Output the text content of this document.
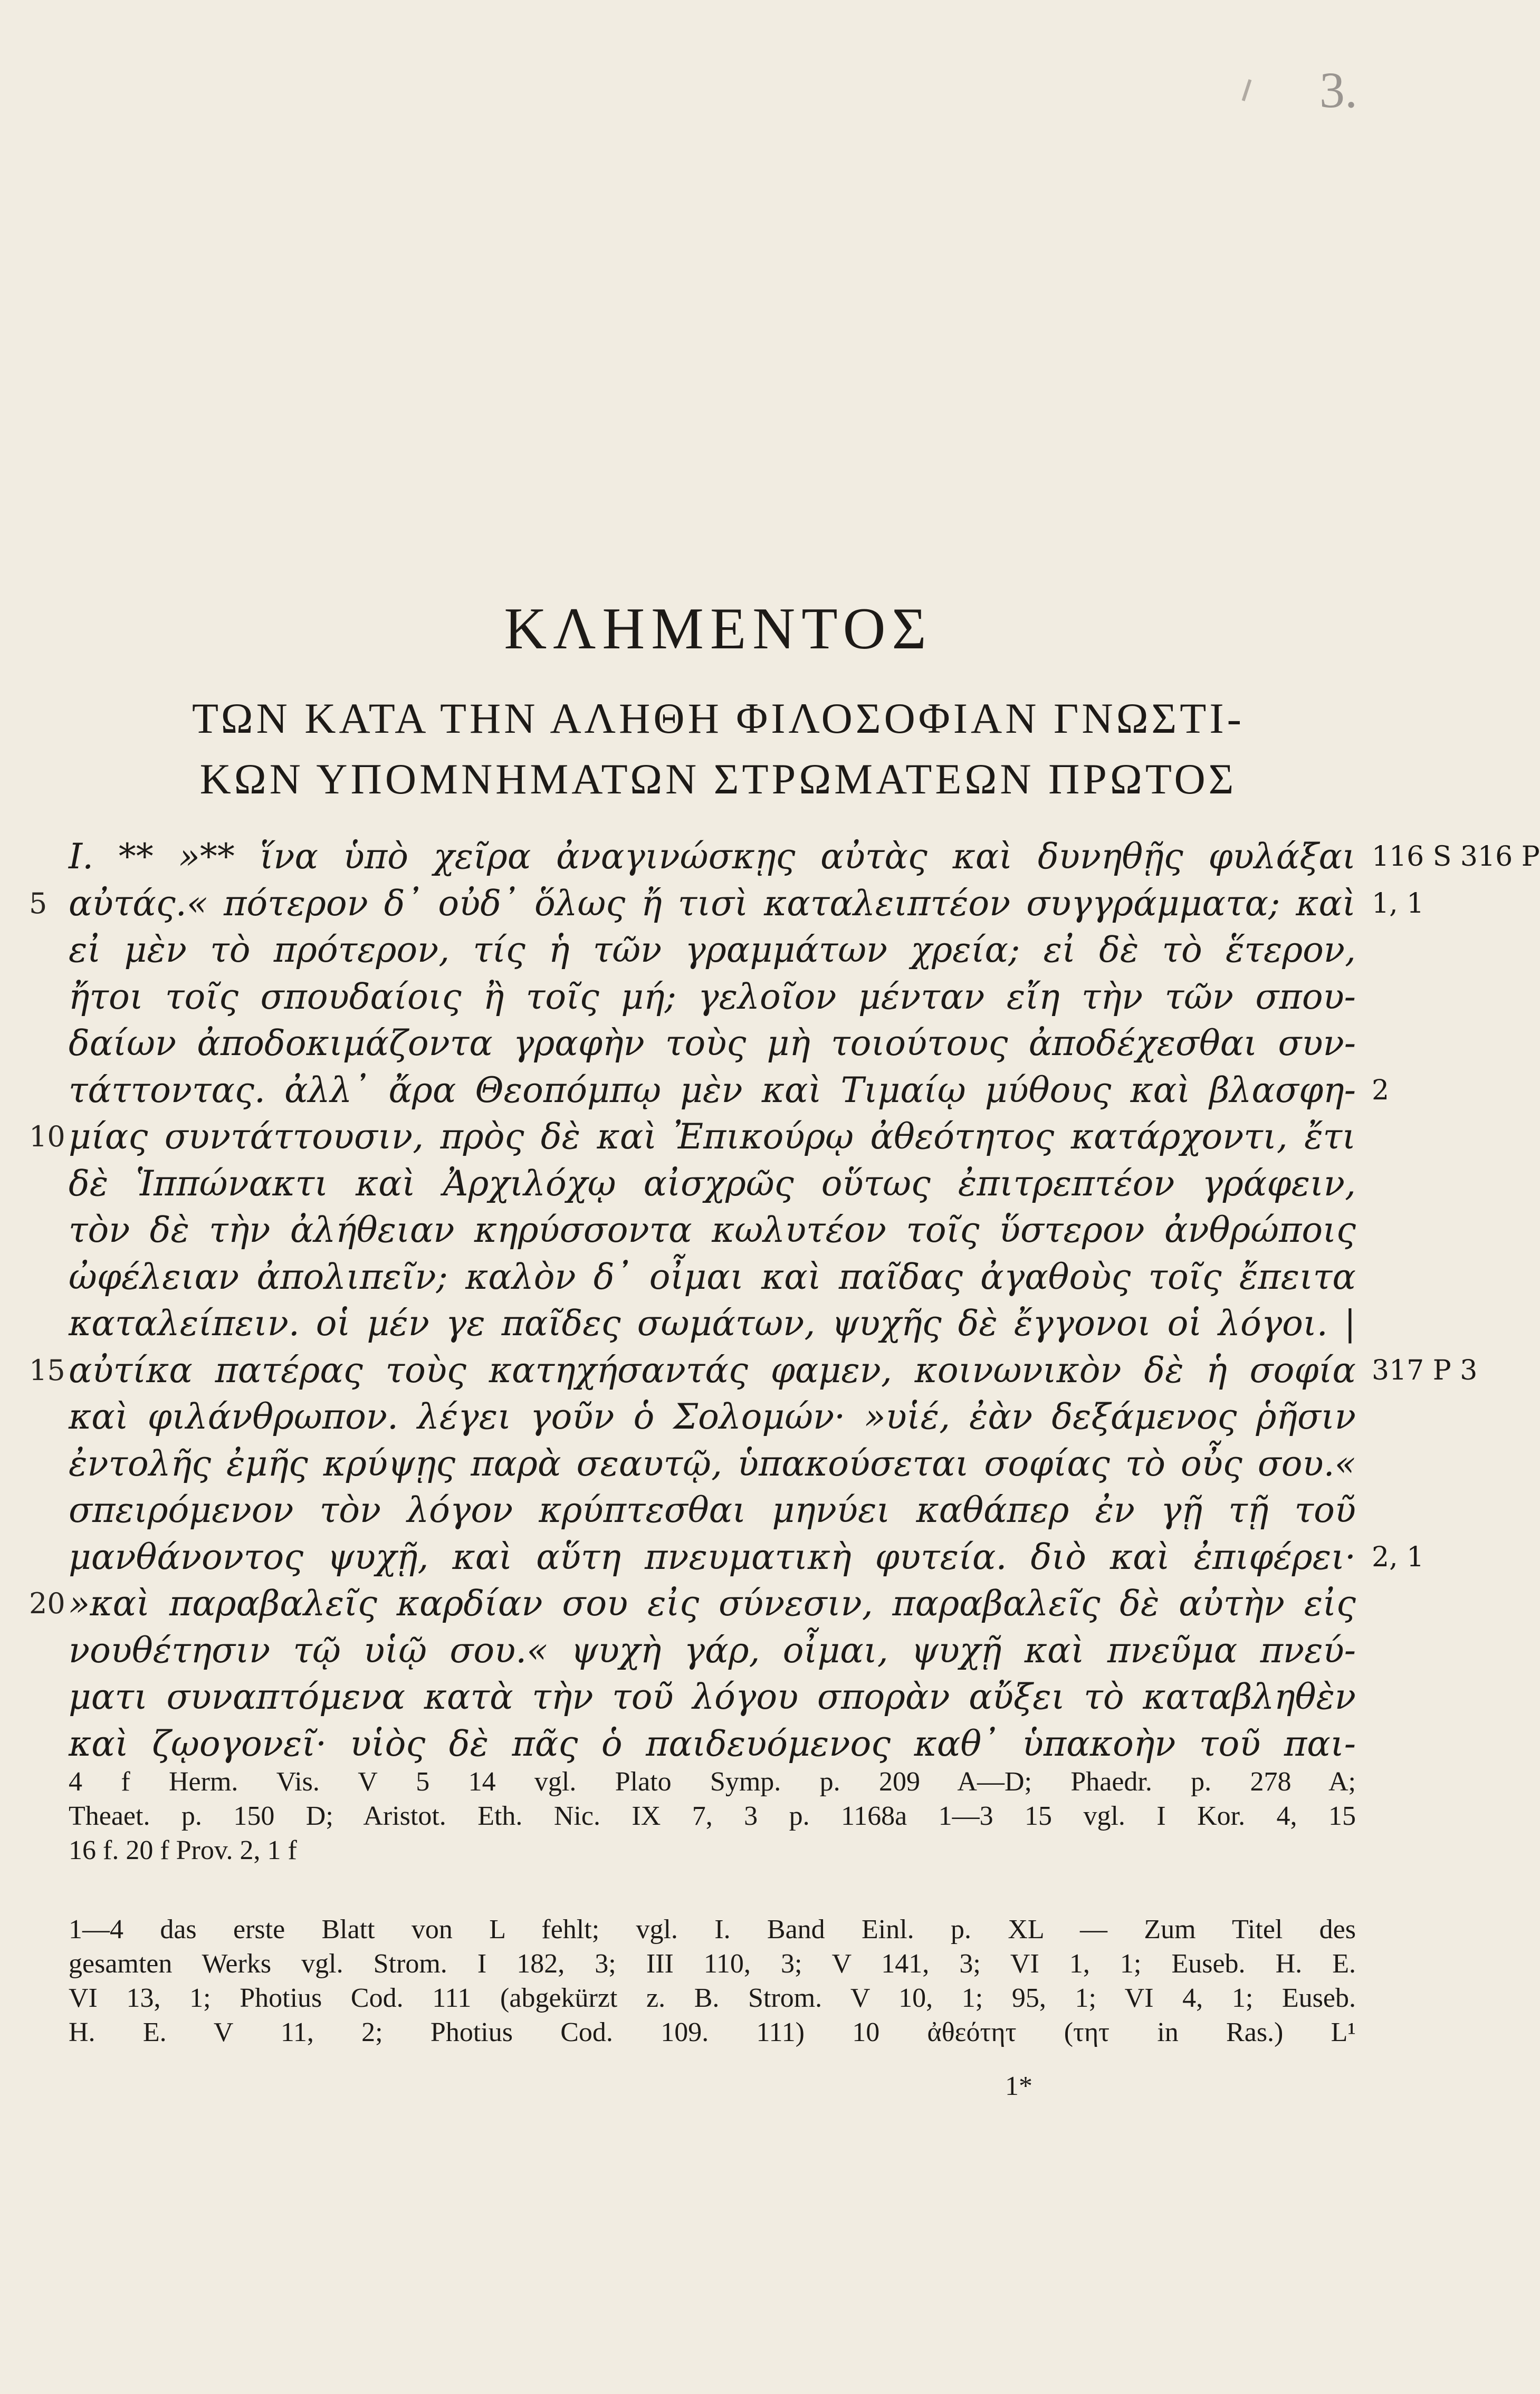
3.
ΚΛΗΜΕΝΤΟΣ
ΤΩΝ ΚΑΤΑ ΤΗΝ ΑΛΗΘΗ ΦΙΛΟΣΟΦΙΑΝ ΓΝΩΣΤΙ-
ΚΩΝ ΥΠΟΜΝΗΜΑΤΩΝ ΣΤΡΩΜΑΤΕΩΝ ΠΡΩΤΟΣ
I. ** »** ἵνα ὑπὸ χεῖρα ἀναγινώσκῃς αὐτὰς καὶ δυνηθῇς φυλάξαι 116 S 316 P
5 αὐτάς.« πότερον δ᾽ οὐδ᾽ ὅλως ἤ τισὶ καταλειπτέον συγγράμματα; καὶ 1, 1
εἰ μὲν τὸ πρότερον, τίς ἡ τῶν γραμμάτων χρεία; εἰ δὲ τὸ ἕτερον,
ἤτοι τοῖς σπουδαίοις ἢ τοῖς μή; γελοῖον μένταν εἴη τὴν τῶν σπου-
δαίων ἀποδοκιμάζοντα γραφὴν τοὺς μὴ τοιούτους ἀποδέχεσθαι συν-
τάττοντας. ἀλλ᾽ ἄρα Θεοπόμπῳ μὲν καὶ Τιμαίῳ μύθους καὶ βλασφη- 2
10 μίας συντάττουσιν, πρὸς δὲ καὶ Ἐπικούρῳ ἀθεότητος κατάρχοντι, ἔτι
δὲ Ἱππώνακτι καὶ Ἀρχιλόχῳ αἰσχρῶς οὕτως ἐπιτρεπτέον γράφειν,
τὸν δὲ τὴν ἀλήθειαν κηρύσσοντα κωλυτέον τοῖς ὕστερον ἀνθρώποις
ὠφέλειαν ἀπολιπεῖν; καλὸν δ᾽ οἶμαι καὶ παῖδας ἀγαθοὺς τοῖς ἔπειτα
καταλείπειν. οἱ μέν γε παῖδες σωμάτων, ψυχῆς δὲ ἔγγονοι οἱ λόγοι. |
15 αὐτίκα πατέρας τοὺς κατηχήσαντάς φαμεν, κοινωνικὸν δὲ ἡ σοφία 317 P 3
καὶ φιλάνθρωπον. λέγει γοῦν ὁ Σολομών· »υἱέ, ἐὰν δεξάμενος ῥῆσιν
ἐντολῆς ἐμῆς κρύψῃς παρὰ σεαυτῷ, ὑπακούσεται σοφίας τὸ οὖς σου.«
σπειρόμενον τὸν λόγον κρύπτεσθαι μηνύει καθάπερ ἐν γῇ τῇ τοῦ
μανθάνοντος ψυχῇ, καὶ αὕτη πνευματικὴ φυτεία. διὸ καὶ ἐπιφέρει· 2, 1
20 »καὶ παραβαλεῖς καρδίαν σου εἰς σύνεσιν, παραβαλεῖς δὲ αὐτὴν εἰς
νουθέτησιν τῷ υἱῷ σου.« ψυχὴ γάρ, οἶμαι, ψυχῇ καὶ πνεῦμα πνεύ-
ματι συναπτόμενα κατὰ τὴν τοῦ λόγου σπορὰν αὔξει τὸ καταβληθὲν
καὶ ζῳογονεῖ· υἱὸς δὲ πᾶς ὁ παιδευόμενος καθ᾽ ὑπακοὴν τοῦ παι-
4 f Herm. Vis. V 5 14 vgl. Plato Symp. p. 209 A—D; Phaedr. p. 278 A;
Theaet. p. 150 D; Aristot. Eth. Nic. IX 7, 3 p. 1168a 1—3 15 vgl. I Kor. 4, 15
16 f. 20 f Prov. 2, 1 f
1—4 das erste Blatt von L fehlt; vgl. I. Band Einl. p. XL — Zum Titel des
gesamten Werks vgl. Strom. I 182, 3; III 110, 3; V 141, 3; VI 1, 1; Euseb. H. E.
VI 13, 1; Photius Cod. 111 (abgekürzt z. B. Strom. V 10, 1; 95, 1; VI 4, 1; Euseb.
H. E. V 11, 2; Photius Cod. 109. 111) 10 ἀθεότητ (τητ in Ras.) L¹
1*
